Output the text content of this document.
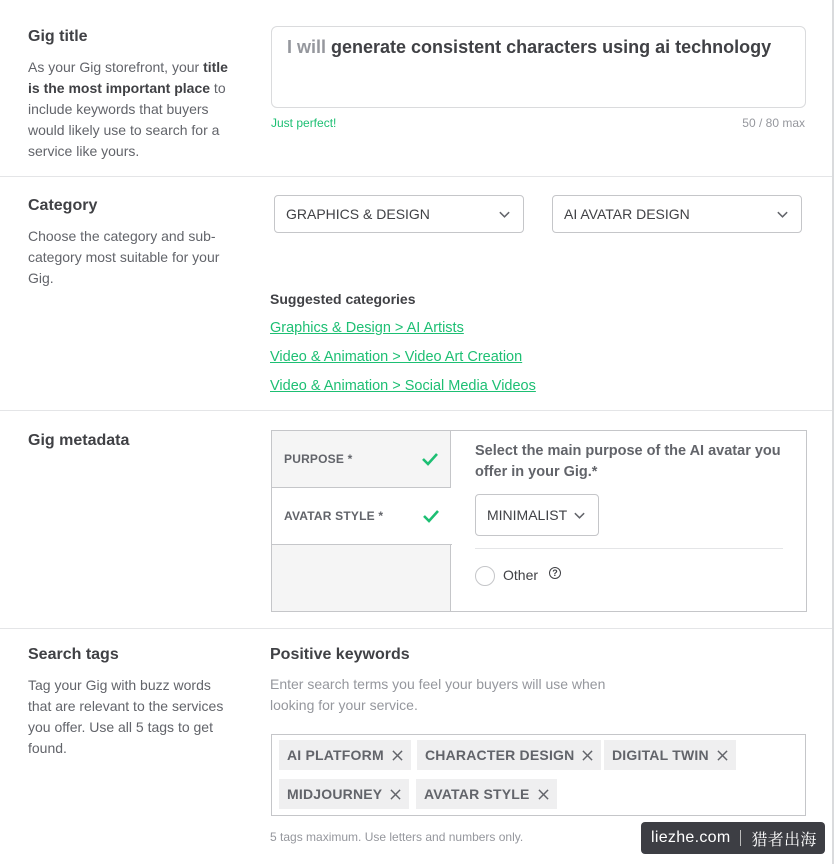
Gig title
As your Gig storefront, your title is the most important place to include keywords that buyers would likely use to search for a service like yours.
I will generate consistent characters using ai technology
Just perfect!	50 / 80 max
Category
Choose the category and sub-category most suitable for your Gig.
GRAPHICS & DESIGN	AI AVATAR DESIGN
Suggested categories
Graphics & Design > AI Artists
Video & Animation > Video Art Creation
Video & Animation > Social Media Videos
Gig metadata
PURPOSE *
AVATAR STYLE *
Select the main purpose of the AI avatar you offer in your Gig.*
MINIMALIST
Other	?
Search tags
Tag your Gig with buzz words that are relevant to the services you offer. Use all 5 tags to get found.
Positive keywords
Enter search terms you feel your buyers will use when looking for your service.
AI PLATFORM	CHARACTER DESIGN	DIGITAL TWIN
MIDJOURNEY	AVATAR STYLE
5 tags maximum. Use letters and numbers only.	liezhe.com 猎者出海
